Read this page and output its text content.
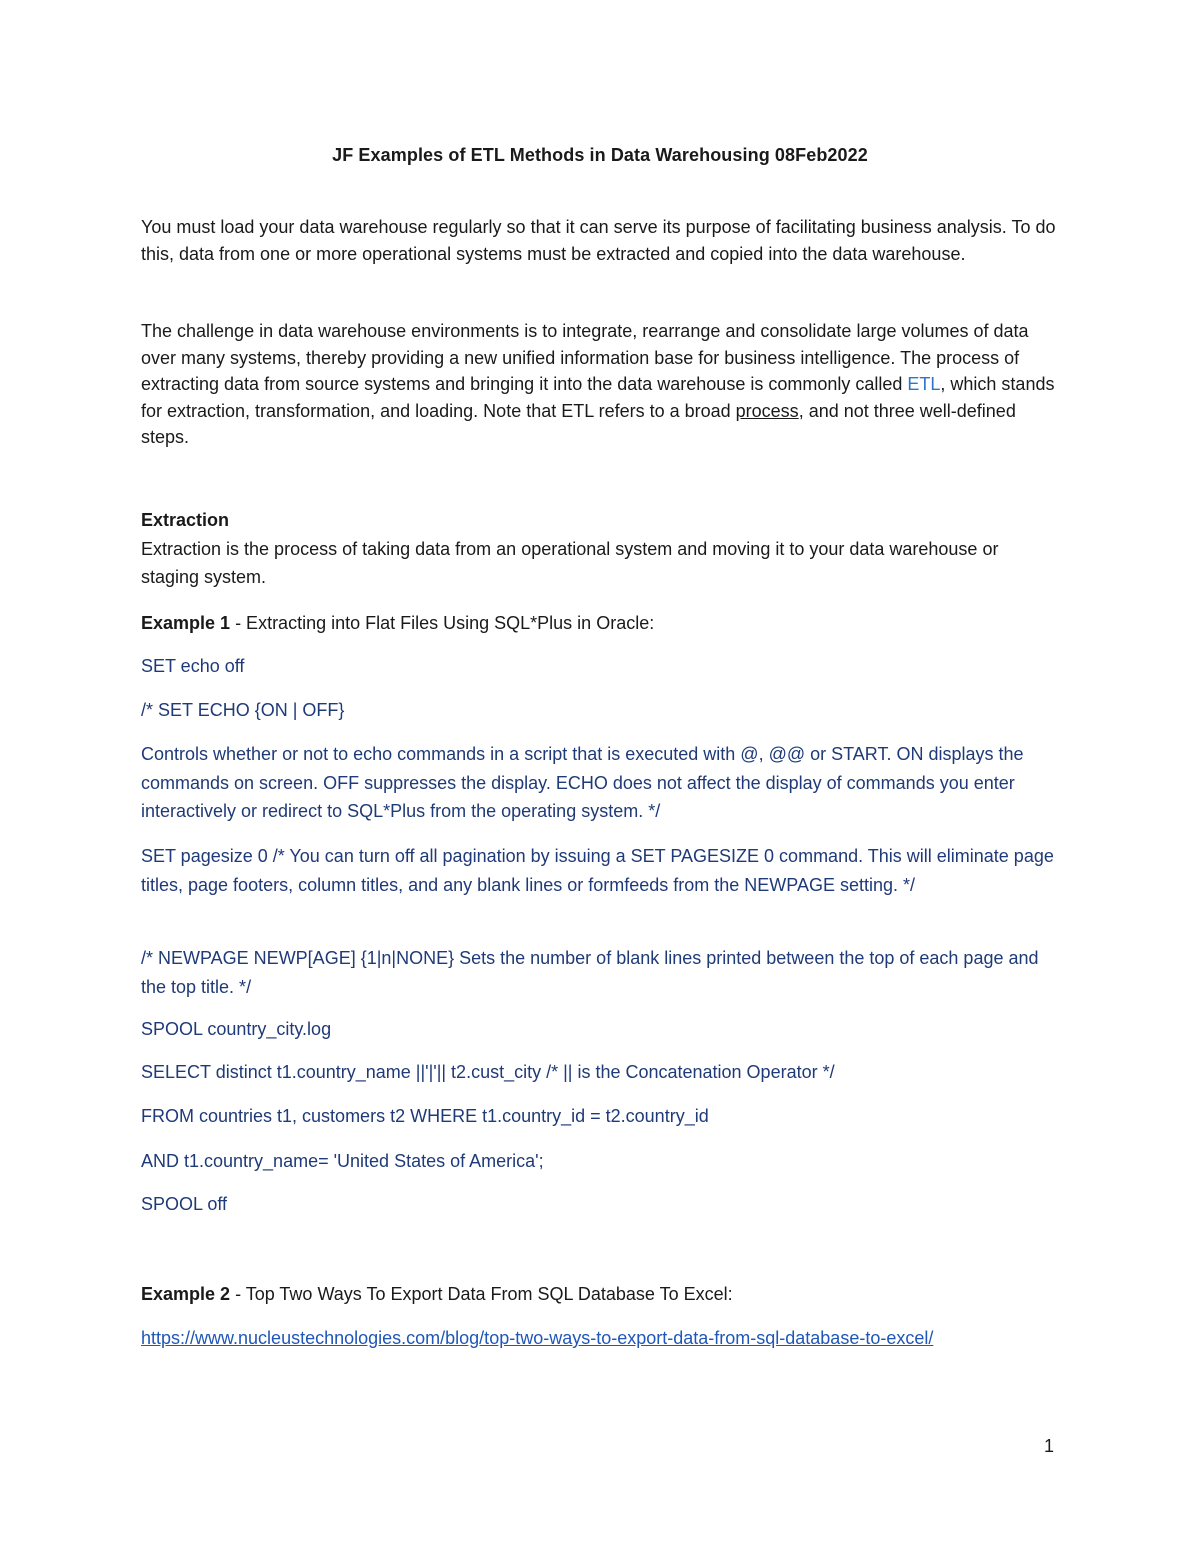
JF Examples of ETL Methods in Data Warehousing 08Feb2022
You must load your data warehouse regularly so that it can serve its purpose of facilitating business analysis. To do this, data from one or more operational systems must be extracted and copied into the data warehouse.
The challenge in data warehouse environments is to integrate, rearrange and consolidate large volumes of data over many systems, thereby providing a new unified information base for business intelligence. The process of extracting data from source systems and bringing it into the data warehouse is commonly called ETL, which stands for extraction, transformation, and loading. Note that ETL refers to a broad process, and not three well-defined steps.
Extraction
Extraction is the process of taking data from an operational system and moving it to your data warehouse or staging system.
Example 1 - Extracting into Flat Files Using SQL*Plus in Oracle:
SET echo off
/* SET ECHO {ON | OFF}
Controls whether or not to echo commands in a script that is executed with @, @@ or START. ON displays the commands on screen. OFF suppresses the display. ECHO does not affect the display of commands you enter interactively or redirect to SQL*Plus from the operating system. */
SET pagesize 0 /* You can turn off all pagination by issuing a SET PAGESIZE 0 command. This will eliminate page titles, page footers, column titles, and any blank lines or formfeeds from the NEWPAGE setting. */
/* NEWPAGE NEWP[AGE] {1|n|NONE} Sets the number of blank lines printed between the top of each page and the top title. */
SPOOL country_city.log
SELECT distinct t1.country_name ||'|'|| t2.cust_city /* || is the Concatenation Operator */
FROM countries t1, customers t2 WHERE t1.country_id = t2.country_id
AND t1.country_name= 'United States of America';
SPOOL off
Example 2 - Top Two Ways To Export Data From SQL Database To Excel:
https://www.nucleustechnologies.com/blog/top-two-ways-to-export-data-from-sql-database-to-excel/
1
